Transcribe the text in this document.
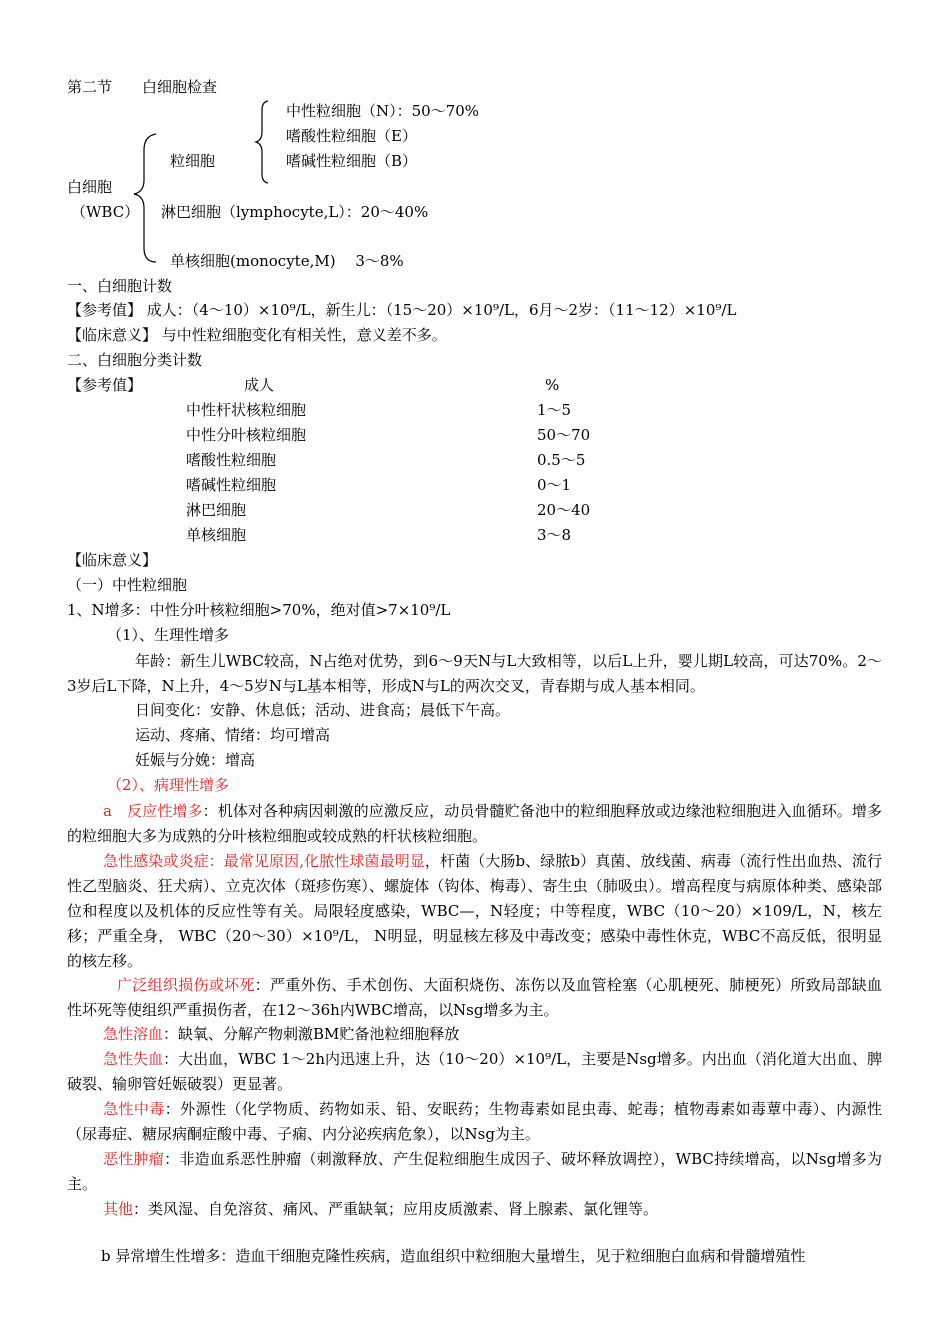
第二节　　白细胞检查
白细胞
（WBC）
粒细胞
中性粒细胞（N）：50～70%
嗜酸性粒细胞（E）
嗜碱性粒细胞（B）
淋巴细胞（lymphocyte,L）：20～40%
单核细胞(monocyte,M)　 3～8%
一、白细胞计数
【参考值】 成人：（4～10）×10⁹/L，新生儿：（15～20）×10⁹/L，6月～2岁：（11～12）×10⁹/L
【临床意义】 与中性粒细胞变化有相关性，意义差不多。
二、白细胞分类计数
【参考值】	成人	%
中性杆状核粒细胞	1～5
中性分叶核粒细胞	50～70
嗜酸性粒细胞	0.5～5
嗜碱性粒细胞	0～1
淋巴细胞	20～40
单核细胞	3～8
【临床意义】
（一）中性粒细胞
1、N增多：中性分叶核粒细胞>70%，绝对值>7×10⁹/L
（1）、生理性增多
年龄：新生儿WBC较高，N占绝对优势，到6～9天N与L大致相等，以后L上升，婴儿期L较高，可达70%。2～3岁后L下降，N上升，4～5岁N与L基本相等，形成N与L的两次交叉，青春期与成人基本相同。
日间变化：安静、休息低；活动、进食高；晨低下午高。
运动、疼痛、情绪：均可增高
妊娠与分娩：增高
（2）、病理性增多
a　反应性增多：机体对各种病因刺激的应激反应，动员骨髓贮备池中的粒细胞释放或边缘池粒细胞进入血循环。增多的粒细胞大多为成熟的分叶核粒细胞或较成熟的杆状核粒细胞。
急性感染或炎症：最常见原因,化脓性球菌最明显，杆菌（大肠b、绿脓b）真菌、放线菌、病毒（流行性出血热、流行性乙型脑炎、狂犬病）、立克次体（斑疹伤寒）、螺旋体（钩体、梅毒）、寄生虫（肺吸虫）。增高程度与病原体种类、感染部位和程度以及机体的反应性等有关。局限轻度感染，WBC—，N轻度；中等程度，WBC（10～20）×109/L，N，核左移；严重全身， WBC（20～30）×10⁹/L， N明显，明显核左移及中毒改变；感染中毒性休克，WBC不高反低，很明显的核左移。
广泛组织损伤或坏死：严重外伤、手术创伤、大面积烧伤、冻伤以及血管栓塞（心肌梗死、肺梗死）所致局部缺血性坏死等使组织严重损伤者，在12～36h内WBC增高，以Nsg增多为主。
急性溶血：缺氧、分解产物刺激BM贮备池粒细胞释放
急性失血：大出血，WBC 1～2h内迅速上升，达（10～20）×10⁹/L，主要是Nsg增多。内出血（消化道大出血、脾破裂、输卵管妊娠破裂）更显著。
急性中毒：外源性（化学物质、药物如汞、铅、安眠药；生物毒素如昆虫毒、蛇毒；植物毒素如毒蕈中毒）、内源性（尿毒症、糖尿病酮症酸中毒、子痫、内分泌疾病危象），以Nsg为主。
恶性肿瘤：非造血系恶性肿瘤（刺激释放、产生促粒细胞生成因子、破坏释放调控），WBC持续增高，以Nsg增多为主。
其他：类风湿、自免溶贫、痛风、严重缺氧；应用皮质激素、肾上腺素、氯化锂等。
b 异常增生性增多：造血干细胞克隆性疾病，造血组织中粒细胞大量增生，见于粒细胞白血病和骨髓增殖性
